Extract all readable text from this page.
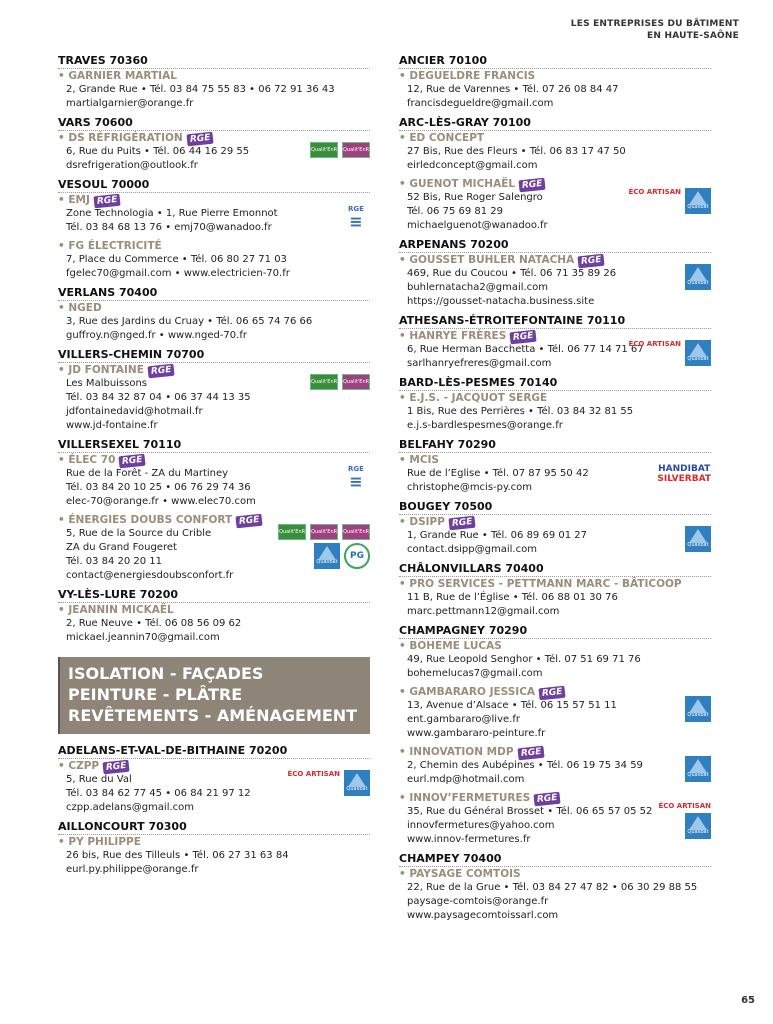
LES ENTREPRISES DU BÂTIMENT
EN HAUTE-SAÔNE
TRAVES 70360
• GARNIER MARTIAL
2, Grande Rue • Tél. 03 84 75 55 83 • 06 72 91 36 43
martialgarnier@orange.fr
VARS 70600
• DS RÉFRIGÉRATION RGE
6, Rue du Puits • Tél. 06 44 16 29 55
dsrefrigeration@outlook.fr
Qualit'EnR Qualit'EnR
VESOUL 70000
• EMJ RGE
Zone Technologia • 1, Rue Pierre Emonnot
Tél. 03 84 68 13 76 • emj70@wanadoo.fr
RGE
≡
• FG ÉLECTRICITÉ
7, Place du Commerce • Tél. 06 80 27 71 03
fgelec70@gmail.com • www.electricien-70.fr
VERLANS 70400
• NGED
3, Rue des Jardins du Cruay • Tél. 06 65 74 76 66
guffroy.n@nged.fr • www.nged-70.fr
VILLERS-CHEMIN 70700
• JD FONTAINE RGE
Les Malbuissons
Tél. 03 84 32 87 04 • 06 37 44 13 35
jdfontainedavid@hotmail.fr
www.jd-fontaine.fr
Qualit'EnR Qualit'EnR
VILLERSEXEL 70110
• ÉLEC 70 RGE
Rue de la Forêt - ZA du Martiney
Tél. 03 84 20 10 25 • 06 76 29 74 36
elec-70@orange.fr • www.elec70.com
RGE
≡
• ÉNERGIES DOUBS CONFORT RGE
5, Rue de la Source du Crible
ZA du Grand Fougeret
Tél. 03 84 20 20 11
contact@energiesdoubsconfort.fr
Qualit'EnR Qualit'EnR Qualit'EnR
Qualibat
PG
VY-LÈS-LURE 70200
• JEANNIN MICKAËL
2, Rue Neuve • Tél. 06 08 56 09 62
mickael.jeannin70@gmail.com
ISOLATION - FAÇADES
PEINTURE - PLÂTRE
REVÊTEMENTS - AMÉNAGEMENT
ADELANS-ET-VAL-DE-BITHAINE 70200
• CZPP RGE
5, Rue du Val
Tél. 03 84 62 77 45 • 06 84 21 97 12
czpp.adelans@gmail.com
ÉCO ARTISAN
Qualibat
AILLONCOURT 70300
• PY PHILIPPE
26 bis, Rue des Tilleuls • Tél. 06 27 31 63 84
eurl.py.philippe@orange.fr
ANCIER 70100
• DEGUELDRE FRANCIS
12, Rue de Varennes • Tél. 07 26 08 84 47
francisdegueldre@gmail.com
ARC-LÈS-GRAY 70100
• ED CONCEPT
27 Bis, Rue des Fleurs • Tél. 06 83 17 47 50
eirledconcept@gmail.com
• GUENOT MICHAËL RGE
52 Bis, Rue Roger Salengro
Tél. 06 75 69 81 29
michaelguenot@wanadoo.fr
ÉCO ARTISAN
Qualibat
ARPENANS 70200
• GOUSSET BUHLER NATACHA RGE
469, Rue du Coucou • Tél. 06 71 35 89 26
buhlernatacha2@gmail.com
https://gousset-natacha.business.site
Qualibat
ATHESANS-ÉTROITEFONTAINE 70110
• HANRYE FRÈRES RGE
6, Rue Herman Bacchetta • Tél. 06 77 14 71 67
sarlhanryefreres@gmail.com
ÉCO ARTISAN
Qualibat
BARD-LÈS-PESMES 70140
• E.J.S. - JACQUOT SERGE
1 Bis, Rue des Perrières • Tél. 03 84 32 81 55
e.j.s-bardlespesmes@orange.fr
BELFAHY 70290
• MCIS
Rue de l’Eglise • Tél. 07 87 95 50 42
christophe@mcis-py.com
HANDIBAT
SILVERBAT
BOUGEY 70500
• DSIPP RGE
1, Grande Rue • Tél. 06 89 69 01 27
contact.dsipp@gmail.com	Qualibat
CHÂLONVILLARS 70400
• PRO SERVICES - PETTMANN MARC - BÂTICOOP
11 B, Rue de l’Église • Tél. 06 88 01 30 76
marc.pettmann12@gmail.com
CHAMPAGNEY 70290
• BOHEME LUCAS
49, Rue Leopold Senghor • Tél. 07 51 69 71 76
bohemelucas7@gmail.com
• GAMBARARO JESSICA RGE
13, Avenue d’Alsace • Tél. 06 15 57 51 11
ent.gambararo@live.fr
www.gambararo-peinture.fr
Qualibat
• INNOVATION MDP RGE
2, Chemin des Aubépines • Tél. 06 19 75 34 59
eurl.mdp@hotmail.com	Qualibat
• INNOV’FERMETURES RGE
35, Rue du Général Brosset • Tél. 06 65 57 05 52
innovfermetures@yahoo.com
www.innov-fermetures.fr
ÉCO ARTISAN
Qualibat
CHAMPEY 70400
• PAYSAGE COMTOIS
22, Rue de la Grue • Tél. 03 84 27 47 82 • 06 30 29 88 55
paysage-comtois@orange.fr
www.paysagecomtoissarl.com
65
